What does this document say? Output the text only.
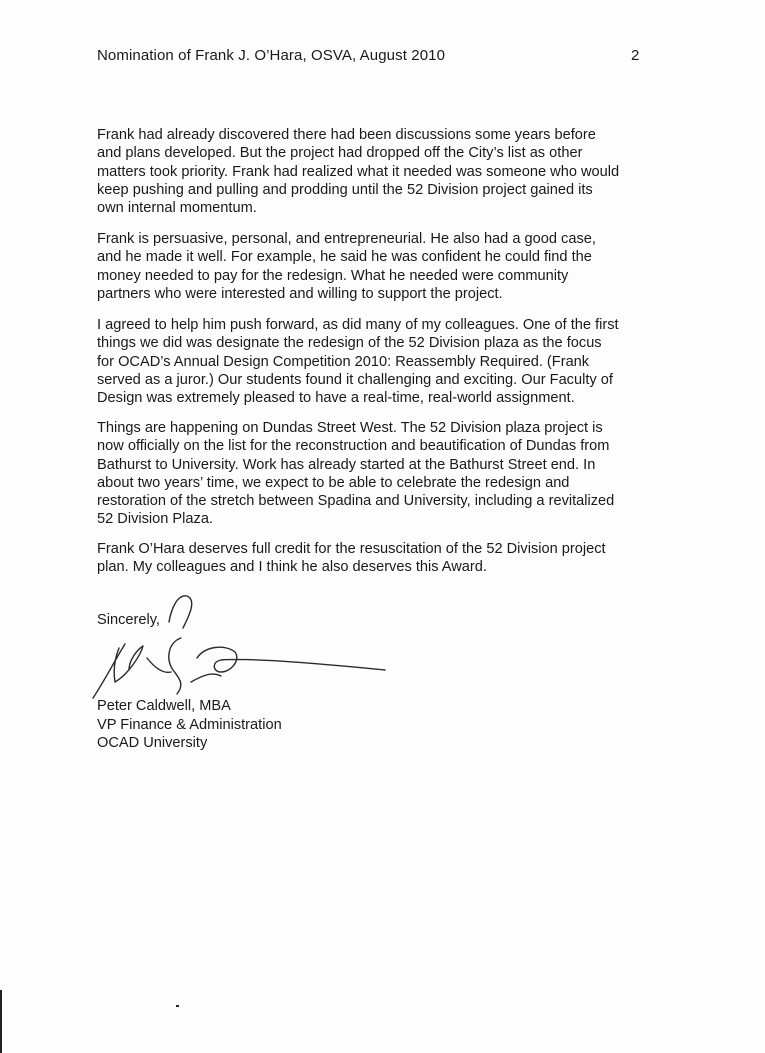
Nomination of Frank J. O’Hara, OSVA, August 2010	2

Frank had already discovered there had been discussions some years before
and plans developed. But the project had dropped off the City’s list as other
matters took priority. Frank had realized what it needed was someone who would
keep pushing and pulling and prodding until the 52 Division project gained its
own internal momentum.

Frank is persuasive, personal, and entrepreneurial. He also had a good case,
and he made it well. For example, he said he was confident he could find the
money needed to pay for the redesign. What he needed were community
partners who were interested and willing to support the project.

I agreed to help him push forward, as did many of my colleagues. One of the first
things we did was designate the redesign of the 52 Division plaza as the focus
for OCAD’s Annual Design Competition 2010: Reassembly Required. (Frank
served as a juror.) Our students found it challenging and exciting. Our Faculty of
Design was extremely pleased to have a real-time, real-world assignment.

Things are happening on Dundas Street West. The 52 Division plaza project is
now officially on the list for the reconstruction and beautification of Dundas from
Bathurst to University. Work has already started at the Bathurst Street end. In
about two years’ time, we expect to be able to celebrate the redesign and
restoration of the stretch between Spadina and University, including a revitalized
52 Division Plaza.

Frank O’Hara deserves full credit for the resuscitation of the 52 Division project
plan. My colleagues and I think he also deserves this Award.

Sincerely,
Peter Caldwell, MBA
VP Finance & Administration
OCAD University
